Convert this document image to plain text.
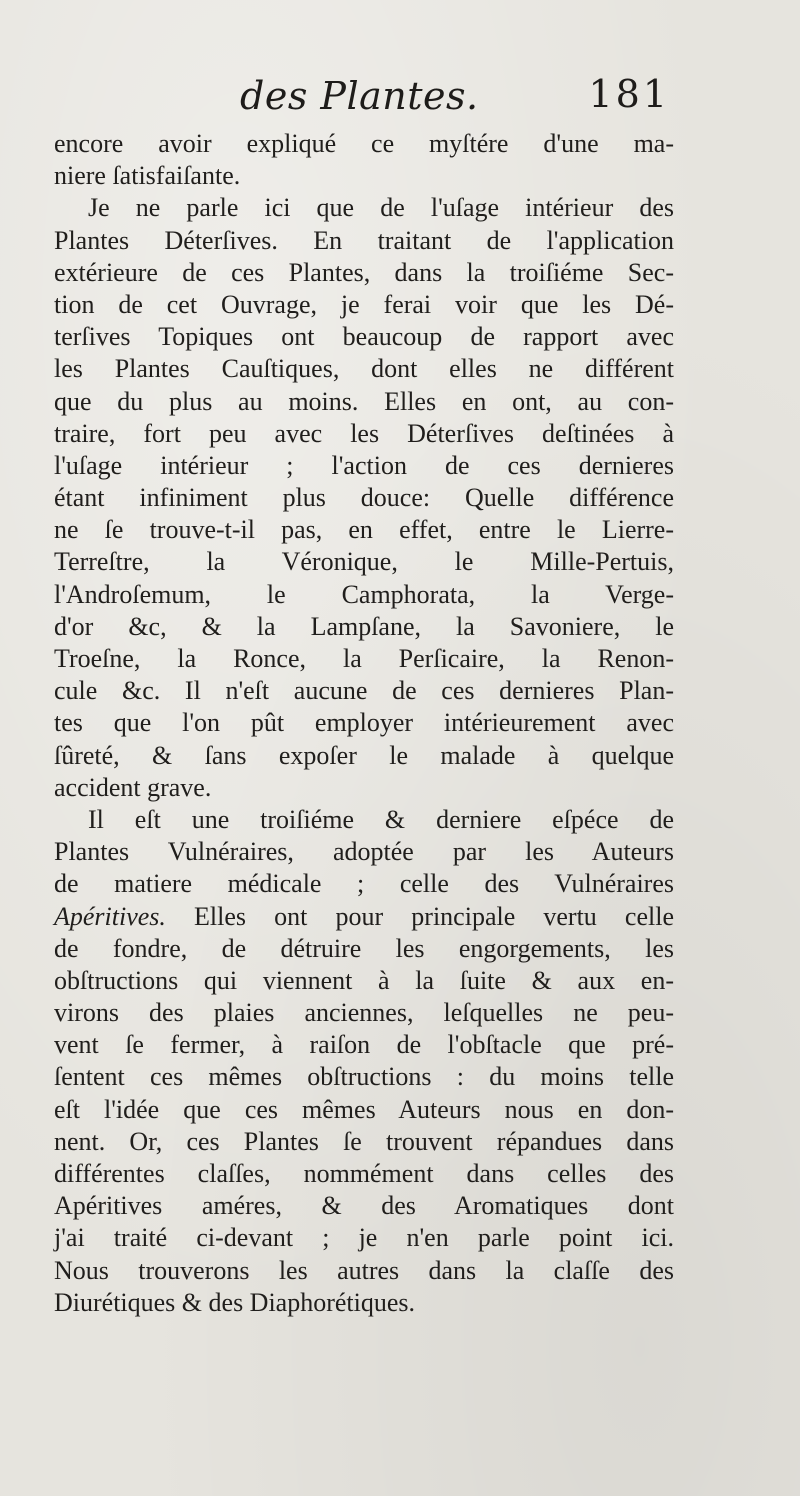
des Plantes.	181
encore avoir expliqué ce myſtére d'une ma-
niere ſatisfaiſante.
Je ne parle ici que de l'uſage intérieur des
Plantes Déterſives. En traitant de l'application
extérieure de ces Plantes, dans la troiſiéme Sec-
tion de cet Ouvrage, je ferai voir que les Dé-
terſives Topiques ont beaucoup de rapport avec
les Plantes Cauſtiques, dont elles ne différent
que du plus au moins. Elles en ont, au con-
traire, fort peu avec les Déterſives deſtinées à
l'uſage intérieur ; l'action de ces dernieres
étant infiniment plus douce: Quelle différence
ne ſe trouve-t-il pas, en effet, entre le Lierre-
Terreſtre, la Véronique, le Mille-Pertuis,
l'Androſemum, le Camphorata, la Verge-
d'or &c, & la Lampſane, la Savoniere, le
Troeſne, la Ronce, la Perſicaire, la Renon-
cule &c. Il n'eſt aucune de ces dernieres Plan-
tes que l'on pût employer intérieurement avec
ſûreté, & ſans expoſer le malade à quelque
accident grave.
Il eſt une troiſiéme & derniere eſpéce de
Plantes Vulnéraires, adoptée par les Auteurs
de matiere médicale ; celle des Vulnéraires
Apéritives. Elles ont pour principale vertu celle
de fondre, de détruire les engorgements, les
obſtructions qui viennent à la ſuite & aux en-
virons des plaies anciennes, leſquelles ne peu-
vent ſe fermer, à raiſon de l'obſtacle que pré-
ſentent ces mêmes obſtructions : du moins telle
eſt l'idée que ces mêmes Auteurs nous en don-
nent. Or, ces Plantes ſe trouvent répandues dans
différentes claſſes, nommément dans celles des
Apéritives améres, & des Aromatiques dont
j'ai traité ci-devant ; je n'en parle point ici.
Nous trouverons les autres dans la claſſe des
Diurétiques & des Diaphorétiques.
